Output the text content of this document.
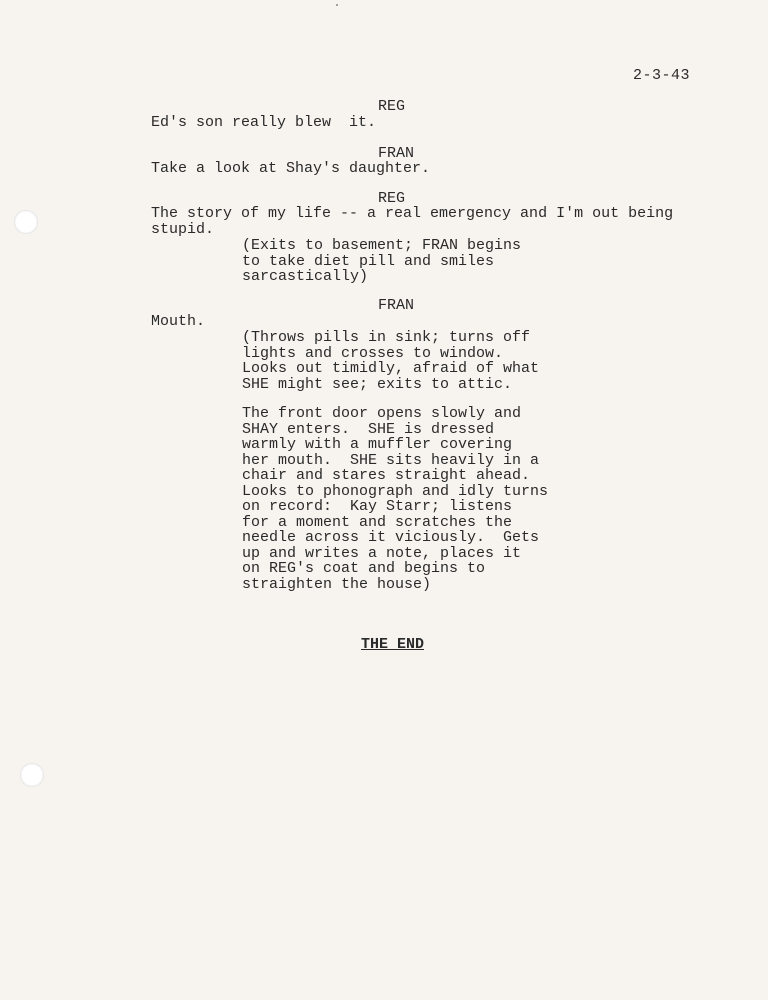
2-3-43
REG
Ed's son really blew  it.
FRAN
Take a look at Shay's daughter.
REG
The story of my life -- a real emergency and I'm out being
stupid.
(Exits to basement; FRAN begins
to take diet pill and smiles
sarcastically)
FRAN
Mouth.
(Throws pills in sink; turns off
lights and crosses to window.
Looks out timidly, afraid of what
SHE might see; exits to attic.
The front door opens slowly and
SHAY enters.  SHE is dressed
warmly with a muffler covering
her mouth.  SHE sits heavily in a
chair and stares straight ahead.
Looks to phonograph and idly turns
on record:  Kay Starr; listens
for a moment and scratches the
needle across it viciously.  Gets
up and writes a note, places it
on REG's coat and begins to
straighten the house)
THE END
